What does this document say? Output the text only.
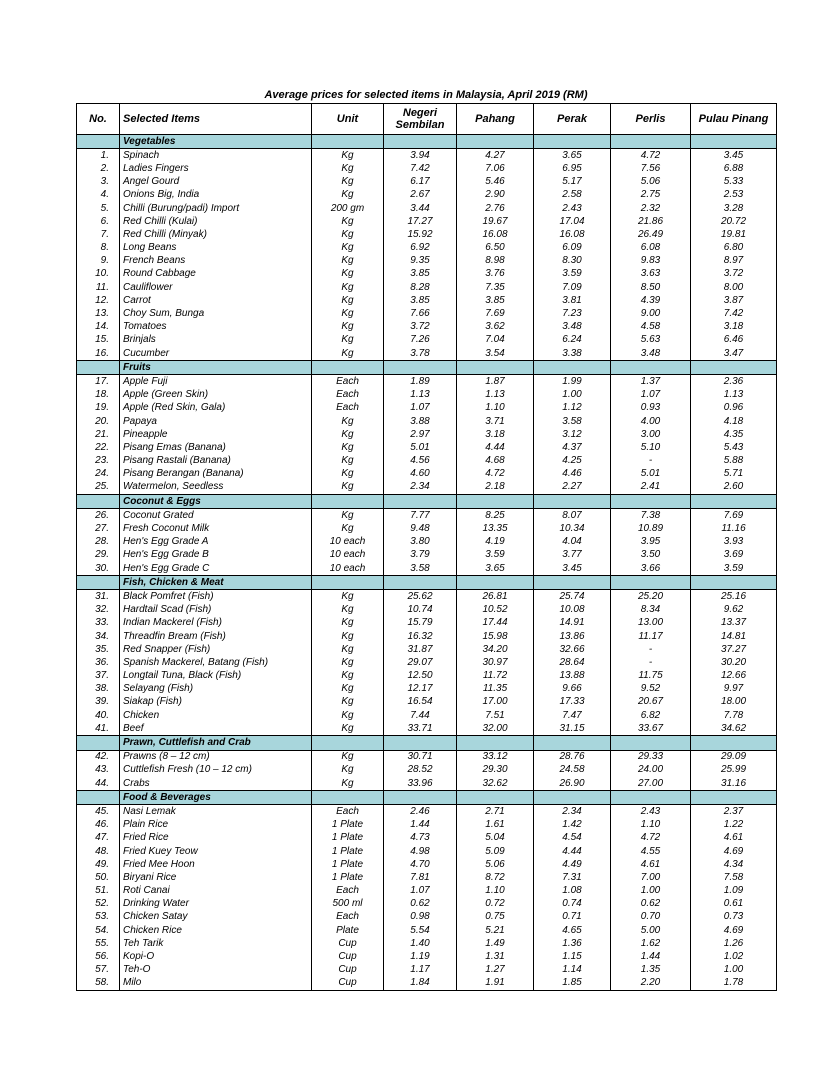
Average prices for selected items in Malaysia, April 2019 (RM)
No.	Selected Items	Unit	Negeri Sembilan	Pahang	Perak	Perlis	Pulau Pinang
	Vegetables						
1.	Spinach	Kg	3.94	4.27	3.65	4.72	3.45
2.	Ladies Fingers	Kg	7.42	7.06	6.95	7.56	6.88
3.	Angel Gourd	Kg	6.17	5.46	5.17	5.06	5.33
4.	Onions Big, India	Kg	2.67	2.90	2.58	2.75	2.53
5.	Chilli (Burung/padi) Import	200 gm	3.44	2.76	2.43	2.32	3.28
6.	Red Chilli (Kulai)	Kg	17.27	19.67	17.04	21.86	20.72
7.	Red Chilli (Minyak)	Kg	15.92	16.08	16.08	26.49	19.81
8.	Long Beans	Kg	6.92	6.50	6.09	6.08	6.80
9.	French Beans	Kg	9.35	8.98	8.30	9.83	8.97
10.	Round Cabbage	Kg	3.85	3.76	3.59	3.63	3.72
11.	Cauliflower	Kg	8.28	7.35	7.09	8.50	8.00
12.	Carrot	Kg	3.85	3.85	3.81	4.39	3.87
13.	Choy Sum, Bunga	Kg	7.66	7.69	7.23	9.00	7.42
14.	Tomatoes	Kg	3.72	3.62	3.48	4.58	3.18
15.	Brinjals	Kg	7.26	7.04	6.24	5.63	6.46
16.	Cucumber	Kg	3.78	3.54	3.38	3.48	3.47
	Fruits						
17.	Apple Fuji	Each	1.89	1.87	1.99	1.37	2.36
18.	Apple (Green Skin)	Each	1.13	1.13	1.00	1.07	1.13
19.	Apple (Red Skin, Gala)	Each	1.07	1.10	1.12	0.93	0.96
20.	Papaya	Kg	3.88	3.71	3.58	4.00	4.18
21.	Pineapple	Kg	2.97	3.18	3.12	3.00	4.35
22.	Pisang Emas (Banana)	Kg	5.01	4.44	4.37	5.10	5.43
23.	Pisang Rastali (Banana)	Kg	4.56	4.68	4.25	-	5.88
24.	Pisang Berangan (Banana)	Kg	4.60	4.72	4.46	5.01	5.71
25.	Watermelon, Seedless	Kg	2.34	2.18	2.27	2.41	2.60
	Coconut & Eggs						
26.	Coconut Grated	Kg	7.77	8.25	8.07	7.38	7.69
27.	Fresh Coconut Milk	Kg	9.48	13.35	10.34	10.89	11.16
28.	Hen's Egg Grade A	10 each	3.80	4.19	4.04	3.95	3.93
29.	Hen's Egg Grade B	10 each	3.79	3.59	3.77	3.50	3.69
30.	Hen's Egg Grade C	10 each	3.58	3.65	3.45	3.66	3.59
	Fish, Chicken & Meat						
31.	Black Pomfret (Fish)	Kg	25.62	26.81	25.74	25.20	25.16
32.	Hardtail Scad (Fish)	Kg	10.74	10.52	10.08	8.34	9.62
33.	Indian Mackerel (Fish)	Kg	15.79	17.44	14.91	13.00	13.37
34.	Threadfin Bream (Fish)	Kg	16.32	15.98	13.86	11.17	14.81
35.	Red Snapper (Fish)	Kg	31.87	34.20	32.66	-	37.27
36.	Spanish Mackerel, Batang (Fish)	Kg	29.07	30.97	28.64	-	30.20
37.	Longtail Tuna, Black (Fish)	Kg	12.50	11.72	13.88	11.75	12.66
38.	Selayang (Fish)	Kg	12.17	11.35	9.66	9.52	9.97
39.	Siakap (Fish)	Kg	16.54	17.00	17.33	20.67	18.00
40.	Chicken	Kg	7.44	7.51	7.47	6.82	7.78
41.	Beef	Kg	33.71	32.00	31.15	33.67	34.62
	Prawn, Cuttlefish and Crab						
42.	Prawns (8 – 12 cm)	Kg	30.71	33.12	28.76	29.33	29.09
43.	Cuttlefish Fresh (10 – 12 cm)	Kg	28.52	29.30	24.58	24.00	25.99
44.	Crabs	Kg	33.96	32.62	26.90	27.00	31.16
	Food & Beverages						
45.	Nasi Lemak	Each	2.46	2.71	2.34	2.43	2.37
46.	Plain Rice	1 Plate	1.44	1.61	1.42	1.10	1.22
47.	Fried Rice	1 Plate	4.73	5.04	4.54	4.72	4.61
48.	Fried Kuey Teow	1 Plate	4.98	5.09	4.44	4.55	4.69
49.	Fried Mee Hoon	1 Plate	4.70	5.06	4.49	4.61	4.34
50.	Biryani Rice	1 Plate	7.81	8.72	7.31	7.00	7.58
51.	Roti Canai	Each	1.07	1.10	1.08	1.00	1.09
52.	Drinking Water	500 ml	0.62	0.72	0.74	0.62	0.61
53.	Chicken Satay	Each	0.98	0.75	0.71	0.70	0.73
54.	Chicken Rice	Plate	5.54	5.21	4.65	5.00	4.69
55.	Teh Tarik	Cup	1.40	1.49	1.36	1.62	1.26
56.	Kopi-O	Cup	1.19	1.31	1.15	1.44	1.02
57.	Teh-O	Cup	1.17	1.27	1.14	1.35	1.00
58.	Milo	Cup	1.84	1.91	1.85	2.20	1.78
